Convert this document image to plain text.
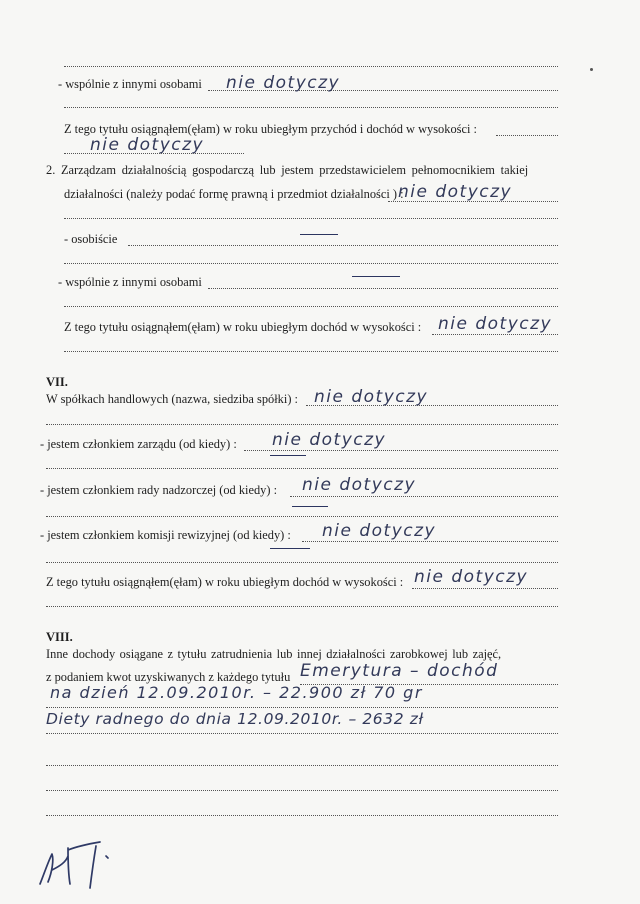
- wspólnie z innymi osobami nie dotyczy
Z tego tytułu osiągnąłem(ęłam) w roku ubiegłym przychód i dochód w wysokości :
nie dotyczy
2. Zarządzam działalnością gospodarczą lub jestem przedstawicielem pełnomocnikiem takiej
działalności (należy podać formę prawną i przedmiot działalności ) :
nie dotyczy
- osobiście
- wspólnie z innymi osobami
Z tego tytułu osiągnąłem(ęłam) w roku ubiegłym dochód w wysokości : nie dotyczy
VII.
W spółkach handlowych (nazwa, siedziba spółki) : nie dotyczy
- jestem członkiem zarządu (od kiedy) : nie dotyczy
- jestem członkiem rady nadzorczej (od kiedy) : nie dotyczy
- jestem członkiem komisji rewizyjnej (od kiedy) : nie dotyczy
Z tego tytułu osiągnąłem(ęłam) w roku ubiegłym dochód w wysokości : nie dotyczy
VIII.
Inne dochody osiągane z tytułu zatrudnienia lub innej działalności zarobkowej lub zajęć,
z podaniem kwot uzyskiwanych z każdego tytułu Emerytura – dochód
na dzień 12.09.2010r. – 22.900 zł 70 gr
Diety radnego do dnia 12.09.2010r. – 2632 zł
